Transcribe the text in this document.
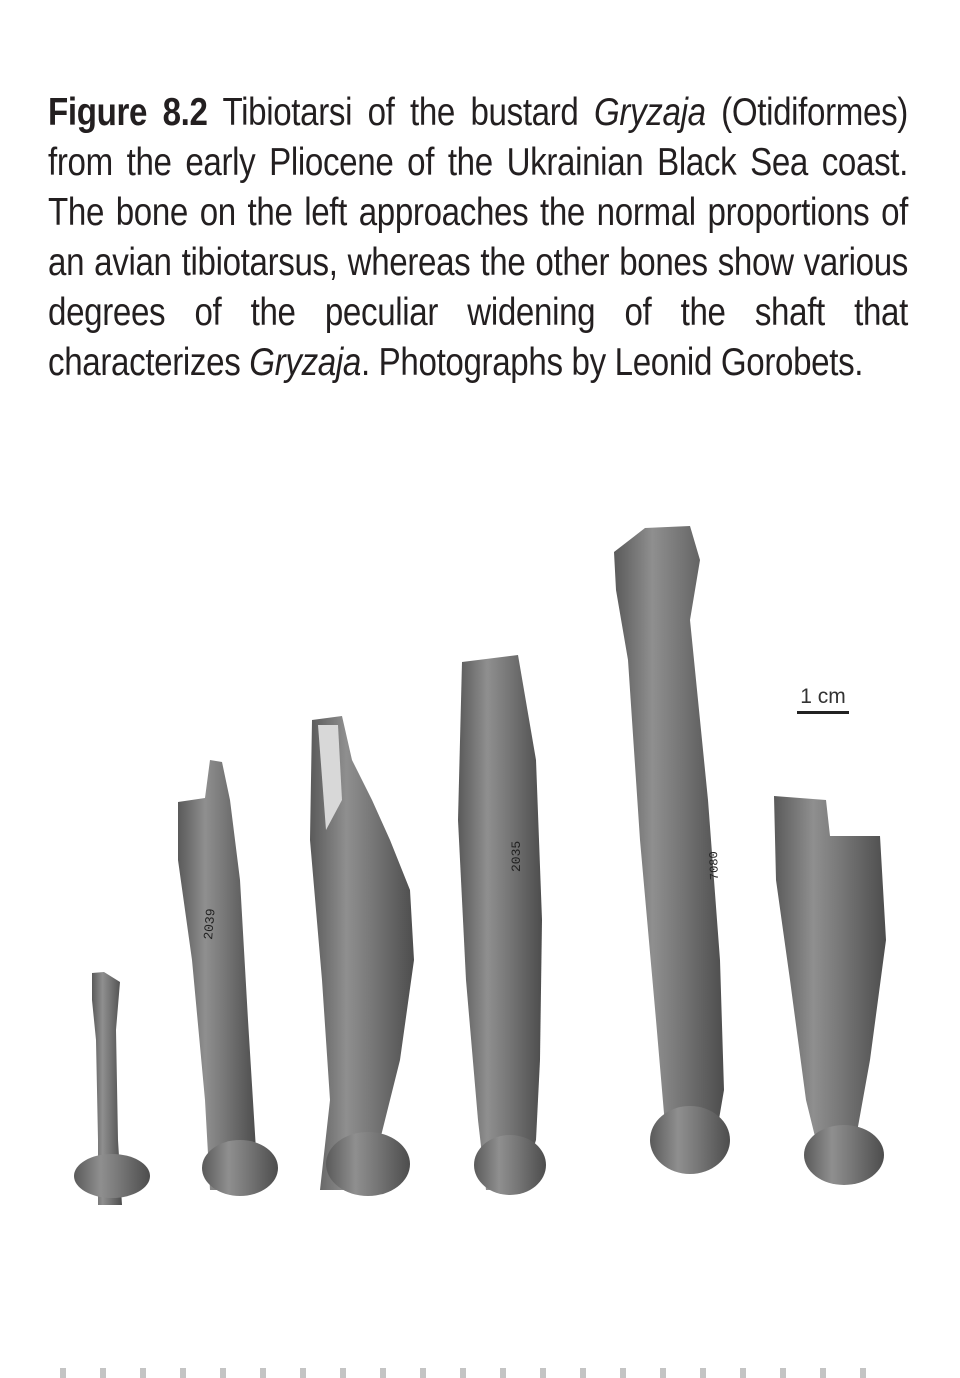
Figure 8.2 Tibiotarsi of the bustard Gryzaja (Otidiformes) from the early Pliocene of the Ukrainian Black Sea coast. The bone on the left approaches the normal proportions of an avian tibiotarsus, whereas the other bones show various degrees of the peculiar widening of the shaft that characterizes Gryzaja. Photographs by Leonid Gorobets.
2039
2035	7080
1 cm
